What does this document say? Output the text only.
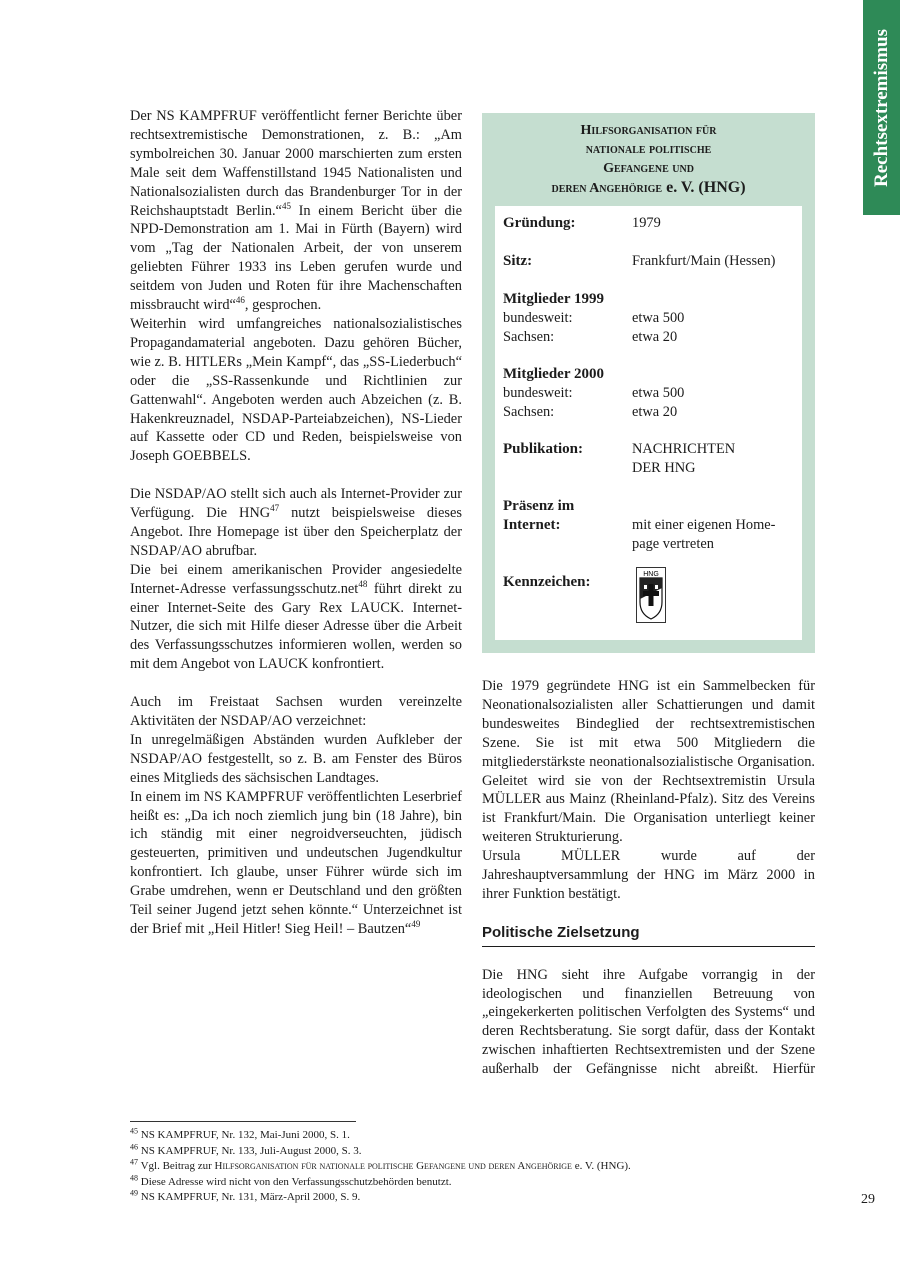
Rechtsextremismus

Der NS KAMPFRUF veröffentlicht ferner Berichte über rechtsextremistische Demonstrationen, z. B.: „Am symbolreichen 30. Januar 2000 marschierten zum ersten Male seit dem Waffenstillstand 1945 Nationalisten und Nationalsozialisten durch das Brandenburger Tor in der Reichshauptstadt Berlin.“$^{45}$ In einem Bericht über die NPD-Demonstration am 1. Mai in Fürth (Bayern) wird vom „Tag der Nationalen Arbeit, der von unserem geliebten Führer 1933 ins Leben gerufen wurde und seitdem von Juden und Roten für ihre Machenschaften missbraucht wird“$^{46}$, gesprochen.

Weiterhin wird umfangreiches nationalsozialistisches Propagandamaterial angeboten. Dazu gehören Bücher, wie z. B. HITLERs „Mein Kampf“, das „SS-Liederbuch“ oder die „SS-Rassenkunde und Richtlinien zur Gattenwahl“. Angeboten werden auch Abzeichen (z. B. Hakenkreuznadel, NSDAP-Parteiabzeichen), NS-Lieder auf Kassette oder CD und Reden, beispielsweise von Joseph GOEBBELS.

Die NSDAP/AO stellt sich auch als Internet-Provider zur Verfügung. Die HNG$^{47}$ nutzt beispielsweise dieses Angebot. Ihre Homepage ist über den Speicherplatz der NSDAP/AO abrufbar.

Die bei einem amerikanischen Provider angesiedelte Internet-Adresse verfassungsschutz.net$^{48}$ führt direkt zu einer Internet-Seite des Gary Rex LAUCK. Internet-Nutzer, die sich mit Hilfe dieser Adresse über die Arbeit des Verfassungsschutzes informieren wollen, werden so mit dem Angebot von LAUCK konfrontiert.

Auch im Freistaat Sachsen wurden vereinzelte Aktivitäten der NSDAP/AO verzeichnet:

In unregelmäßigen Abständen wurden Aufkleber der NSDAP/AO festgestellt, so z. B. am Fenster des Büros eines Mitglieds des sächsischen Landtages.

In einem im NS KAMPFRUF veröffentlichten Leserbrief heißt es: „Da ich noch ziemlich jung bin (18 Jahre), bin ich ständig mit einer negroidverseuchten, jüdisch gesteuerten, primitiven und undeutschen Jugendkultur konfrontiert. Ich glaube, unser Führer würde sich im Grabe umdrehen, wenn er Deutschland und den größten Teil seiner Jugend jetzt sehen könnte.“ Unterzeichnet ist der Brief mit „Heil Hitler! Sieg Heil! – Bautzen“$^{49}$

Hilfsorganisation für
nationale politische
Gefangene und
deren Angehörige e. V. (HNG)
Gründung:	1979
Sitz:	Frankfurt/Main (Hessen)
Mitglieder 1999
bundesweit:	etwa 500
Sachsen:	etwa 20
Mitglieder 2000
bundesweit:	etwa 500
Sachsen:	etwa 20
Publikation:	NACHRICHTEN
DER HNG
Präsenz im
Internet:	mit einer eigenen Home-
page vertreten
Kennzeichen:	HNG

Die 1979 gegründete HNG ist ein Sammelbecken für Neonationalsozialisten aller Schattierungen und damit bundesweites Bindeglied der rechtsextremistischen Szene. Sie ist mit etwa 500 Mitgliedern die mitgliederstärkste neonationalsozialistische Organisation. Geleitet wird sie von der Rechtsextremistin Ursula MÜLLER aus Mainz (Rheinland-Pfalz). Sitz des Vereins ist Frankfurt/Main. Die Organisation unterliegt keiner weiteren Strukturierung.

Ursula MÜLLER wurde auf der Jahreshauptversammlung der HNG im März 2000 in ihrer Funktion bestätigt.

Politische Zielsetzung

Die HNG sieht ihre Aufgabe vorrangig in der ideologischen und finanziellen Betreuung von „eingekerkerten politischen Verfolgten des Systems“ und deren Rechtsberatung. Sie sorgt dafür, dass der Kontakt zwischen inhaftierten Rechtsextremisten und der Szene außerhalb der Gefängnisse nicht abreißt. Hierfür

$^{45}$ NS KAMPFRUF, Nr. 132, Mai-Juni 2000, S. 1.
$^{46}$ NS KAMPFRUF, Nr. 133, Juli-August 2000, S. 3.
$^{47}$ Vgl. Beitrag zur Hilfsorganisation für nationale politische Gefangene und deren Angehörige e. V. (HNG).
$^{48}$ Diese Adresse wird nicht von den Verfassungsschutzbehörden benutzt.
$^{49}$ NS KAMPFRUF, Nr. 131, März-April 2000, S. 9.	29
